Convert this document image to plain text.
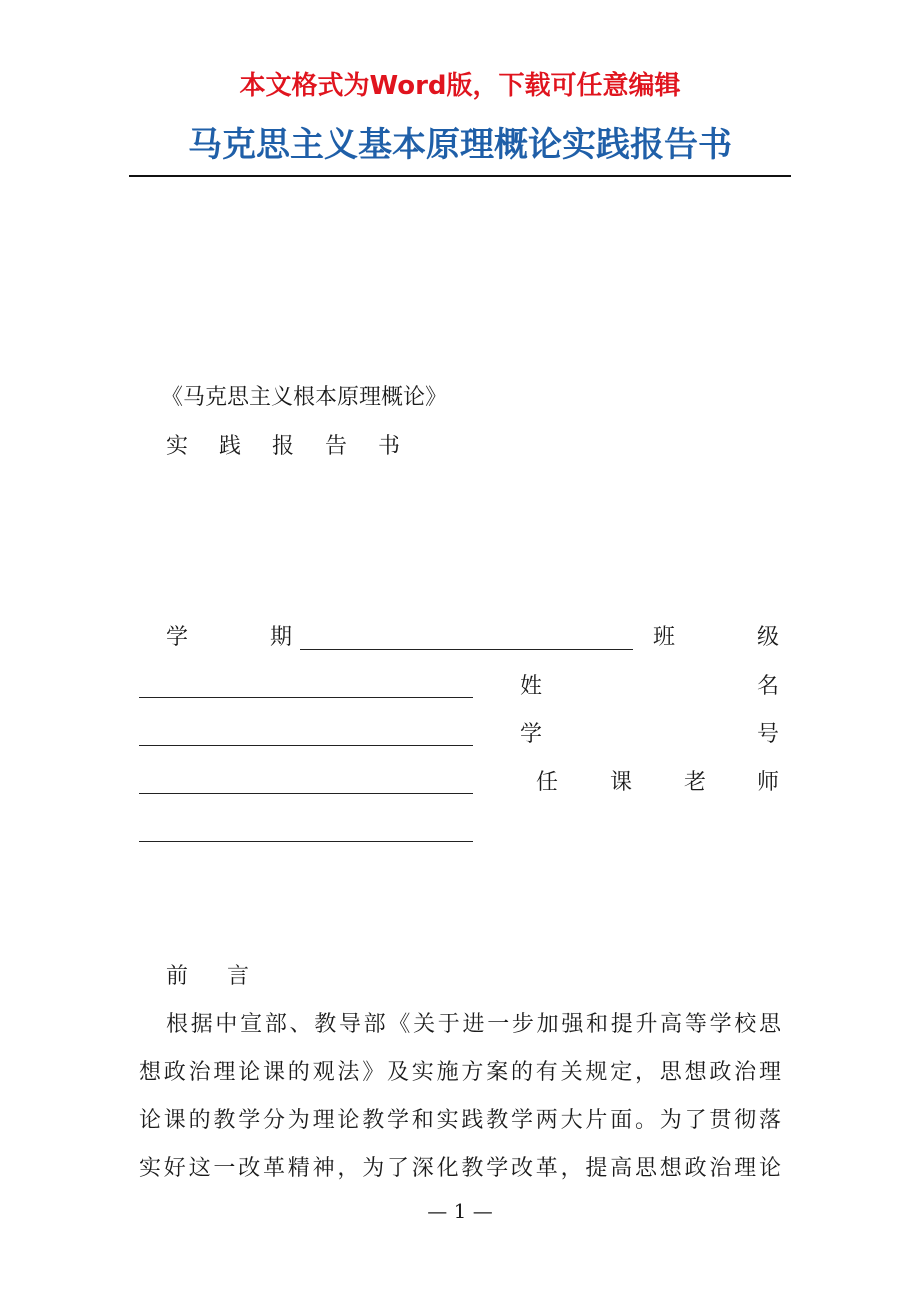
本文格式为Word版，下载可任意编辑
马克思主义基本原理概论实践报告书
《马克思主义根本原理概论》
实 践 报 告 书
学	期	班	级
姓	名
学	号
任 课 老 师
前 言
根据中宣部、教导部《关于进一步加强和提升高等学校思
想政治理论课的观法》及实施方案的有关规定，思想政治理
论课的教学分为理论教学和实践教学两大片面。为了贯彻落
实好这一改革精神，为了深化教学改革，提高思想政治理论
— 1 —
